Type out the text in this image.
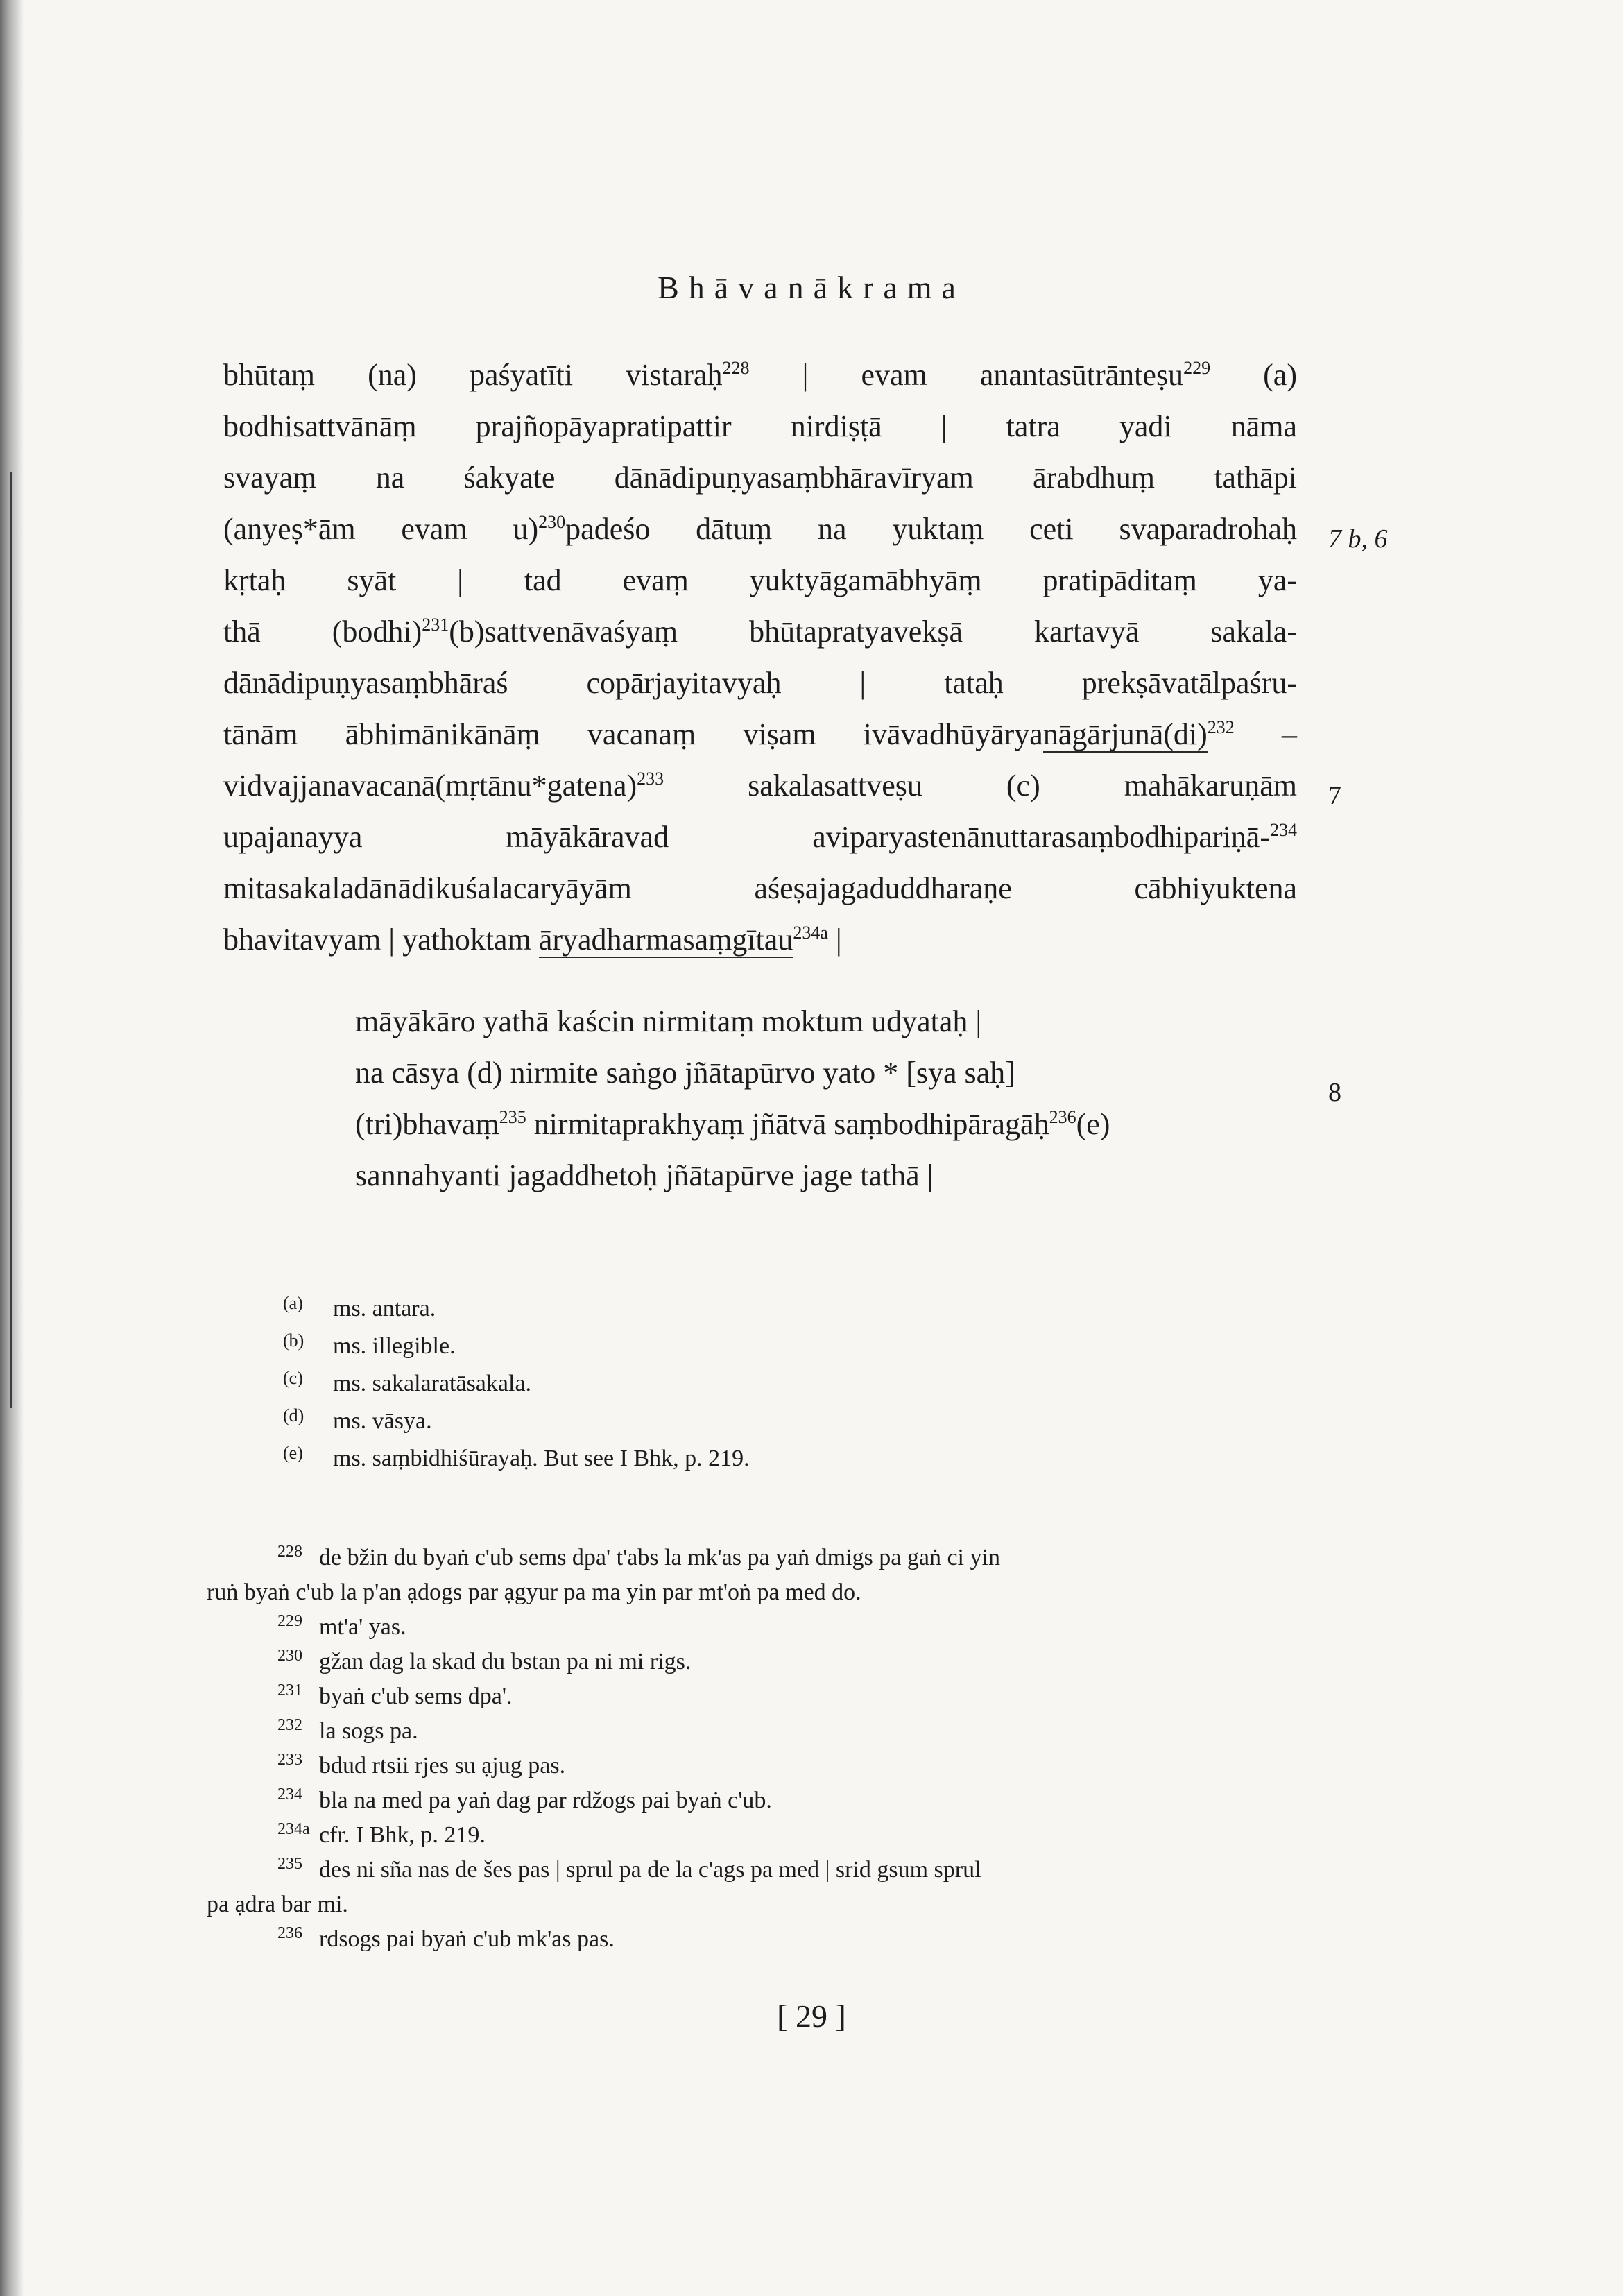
Bhāvanākrama
bhūtaṃ (na) paśyatīti vistaraḥ$^{228}$ | evam anantasūtrānteṣu$^{229}$ (a)
bodhisattvānāṃ prajñopāyapratipattir nirdiṣṭā | tatra yadi nāma
svayaṃ na śakyate dānādipuṇyasaṃbhāravīryam ārabdhuṃ tathāpi
(anyeṣ*ām evam u)$^{230}$padeśo dātuṃ na yuktaṃ ceti svaparadrohaḥ
kṛtaḥ syāt | tad evaṃ yuktyāgamābhyāṃ pratipāditaṃ ya-
thā (bodhi)$^{231}$(b)sattvenāvaśyaṃ bhūtapratyavekṣā kartavyā sakala-
dānādipuṇyasaṃbhāraś copārjayitavyaḥ | tataḥ prekṣāvatālpaśru-
tānām ābhimānikānāṃ vacanaṃ viṣam ivāvadhūyāryanāgārjunā(di)$^{232}$ –
vidvajjanavacanā(mṛtānu*gatena)$^{233}$ sakalasattveṣu (c) mahākaruṇām
upajanayya māyākāravad aviparyastenānuttarasaṃbodhipariṇā-$^{234}$
mitasakaladānādikuśalacaryāyām aśeṣajagaduddharaṇe cābhiyuktena
bhavitavyam | yathoktam āryadharmasaṃgītau$^{234a}$ |
māyākāro yathā kaścin nirmitaṃ moktum udyataḥ |
na cāsya (d) nirmite saṅgo jñātapūrvo yato * [sya saḥ]
(tri)bhavaṃ$^{235}$ nirmitaprakhyaṃ jñātvā saṃbodhipāragāḥ$^{236}$(e)
sannahyanti jagaddhetoḥ jñātapūrve jage tathā |
7 b, 6
7
8
(a) ms. antara.
(b) ms. illegible.
(c) ms. sakalaratāsakala.
(d) ms. vāsya.
(e) ms. saṃbidhiśūrayaḥ. But see I Bhk, p. 219.
228 de bžin du byaṅ c'ub sems dpa' t'abs la mk'as pa yaṅ dmigs pa gaṅ ci yin
ruṅ byaṅ c'ub la p'an ạdogs par ạgyur pa ma yin par mt'oṅ pa med do.
229 mt'a' yas.
230 gžan dag la skad du bstan pa ni mi rigs.
231 byaṅ c'ub sems dpa'.
232 la sogs pa.
233 bdud rtsii rjes su ạjug pas.
234 bla na med pa yaṅ dag par rdžogs pai byaṅ c'ub.
234a cfr. I Bhk, p. 219.
235 des ni sña nas de šes pas | sprul pa de la c'ags pa med | srid gsum sprul
pa ạdra bar mi.
236 rdsogs pai byaṅ c'ub mk'as pas.
[ 29 ]
